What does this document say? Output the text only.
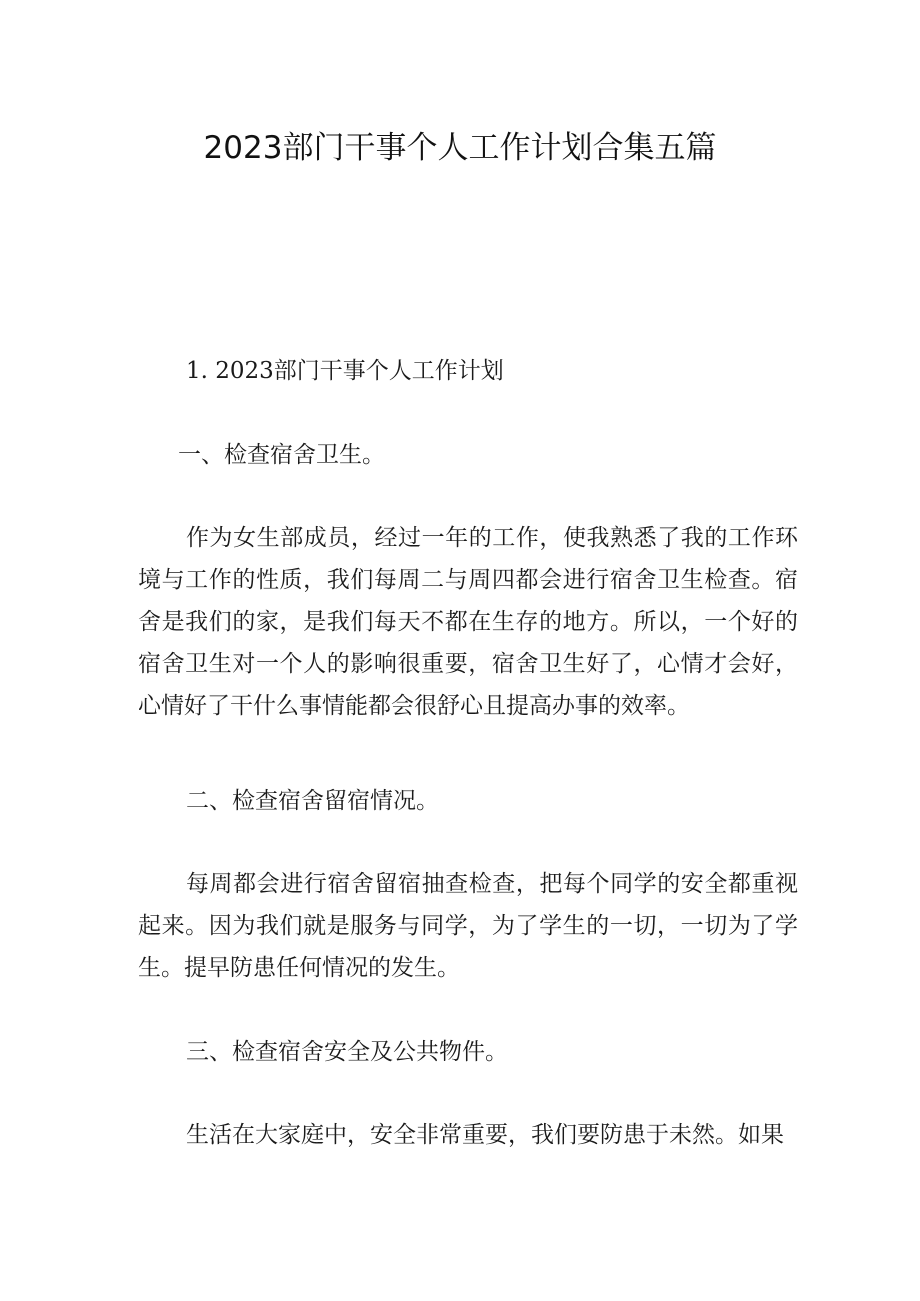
2023部门干事个人工作计划合集五篇

1. 2023部门干事个人工作计划

一、检查宿舍卫生。

作为女生部成员，经过一年的工作，使我熟悉了我的工作环境与工作的性质，我们每周二与周四都会进行宿舍卫生检查。宿舍是我们的家，是我们每天不都在生存的地方。所以，一个好的宿舍卫生对一个人的影响很重要，宿舍卫生好了，心情才会好，心情好了干什么事情能都会很舒心且提高办事的效率。

二、检查宿舍留宿情况。

每周都会进行宿舍留宿抽查检查，把每个同学的安全都重视起来。因为我们就是服务与同学，为了学生的一切，一切为了学生。提早防患任何情况的发生。

三、检查宿舍安全及公共物件。

生活在大家庭中，安全非常重要，我们要防患于未然。如果
